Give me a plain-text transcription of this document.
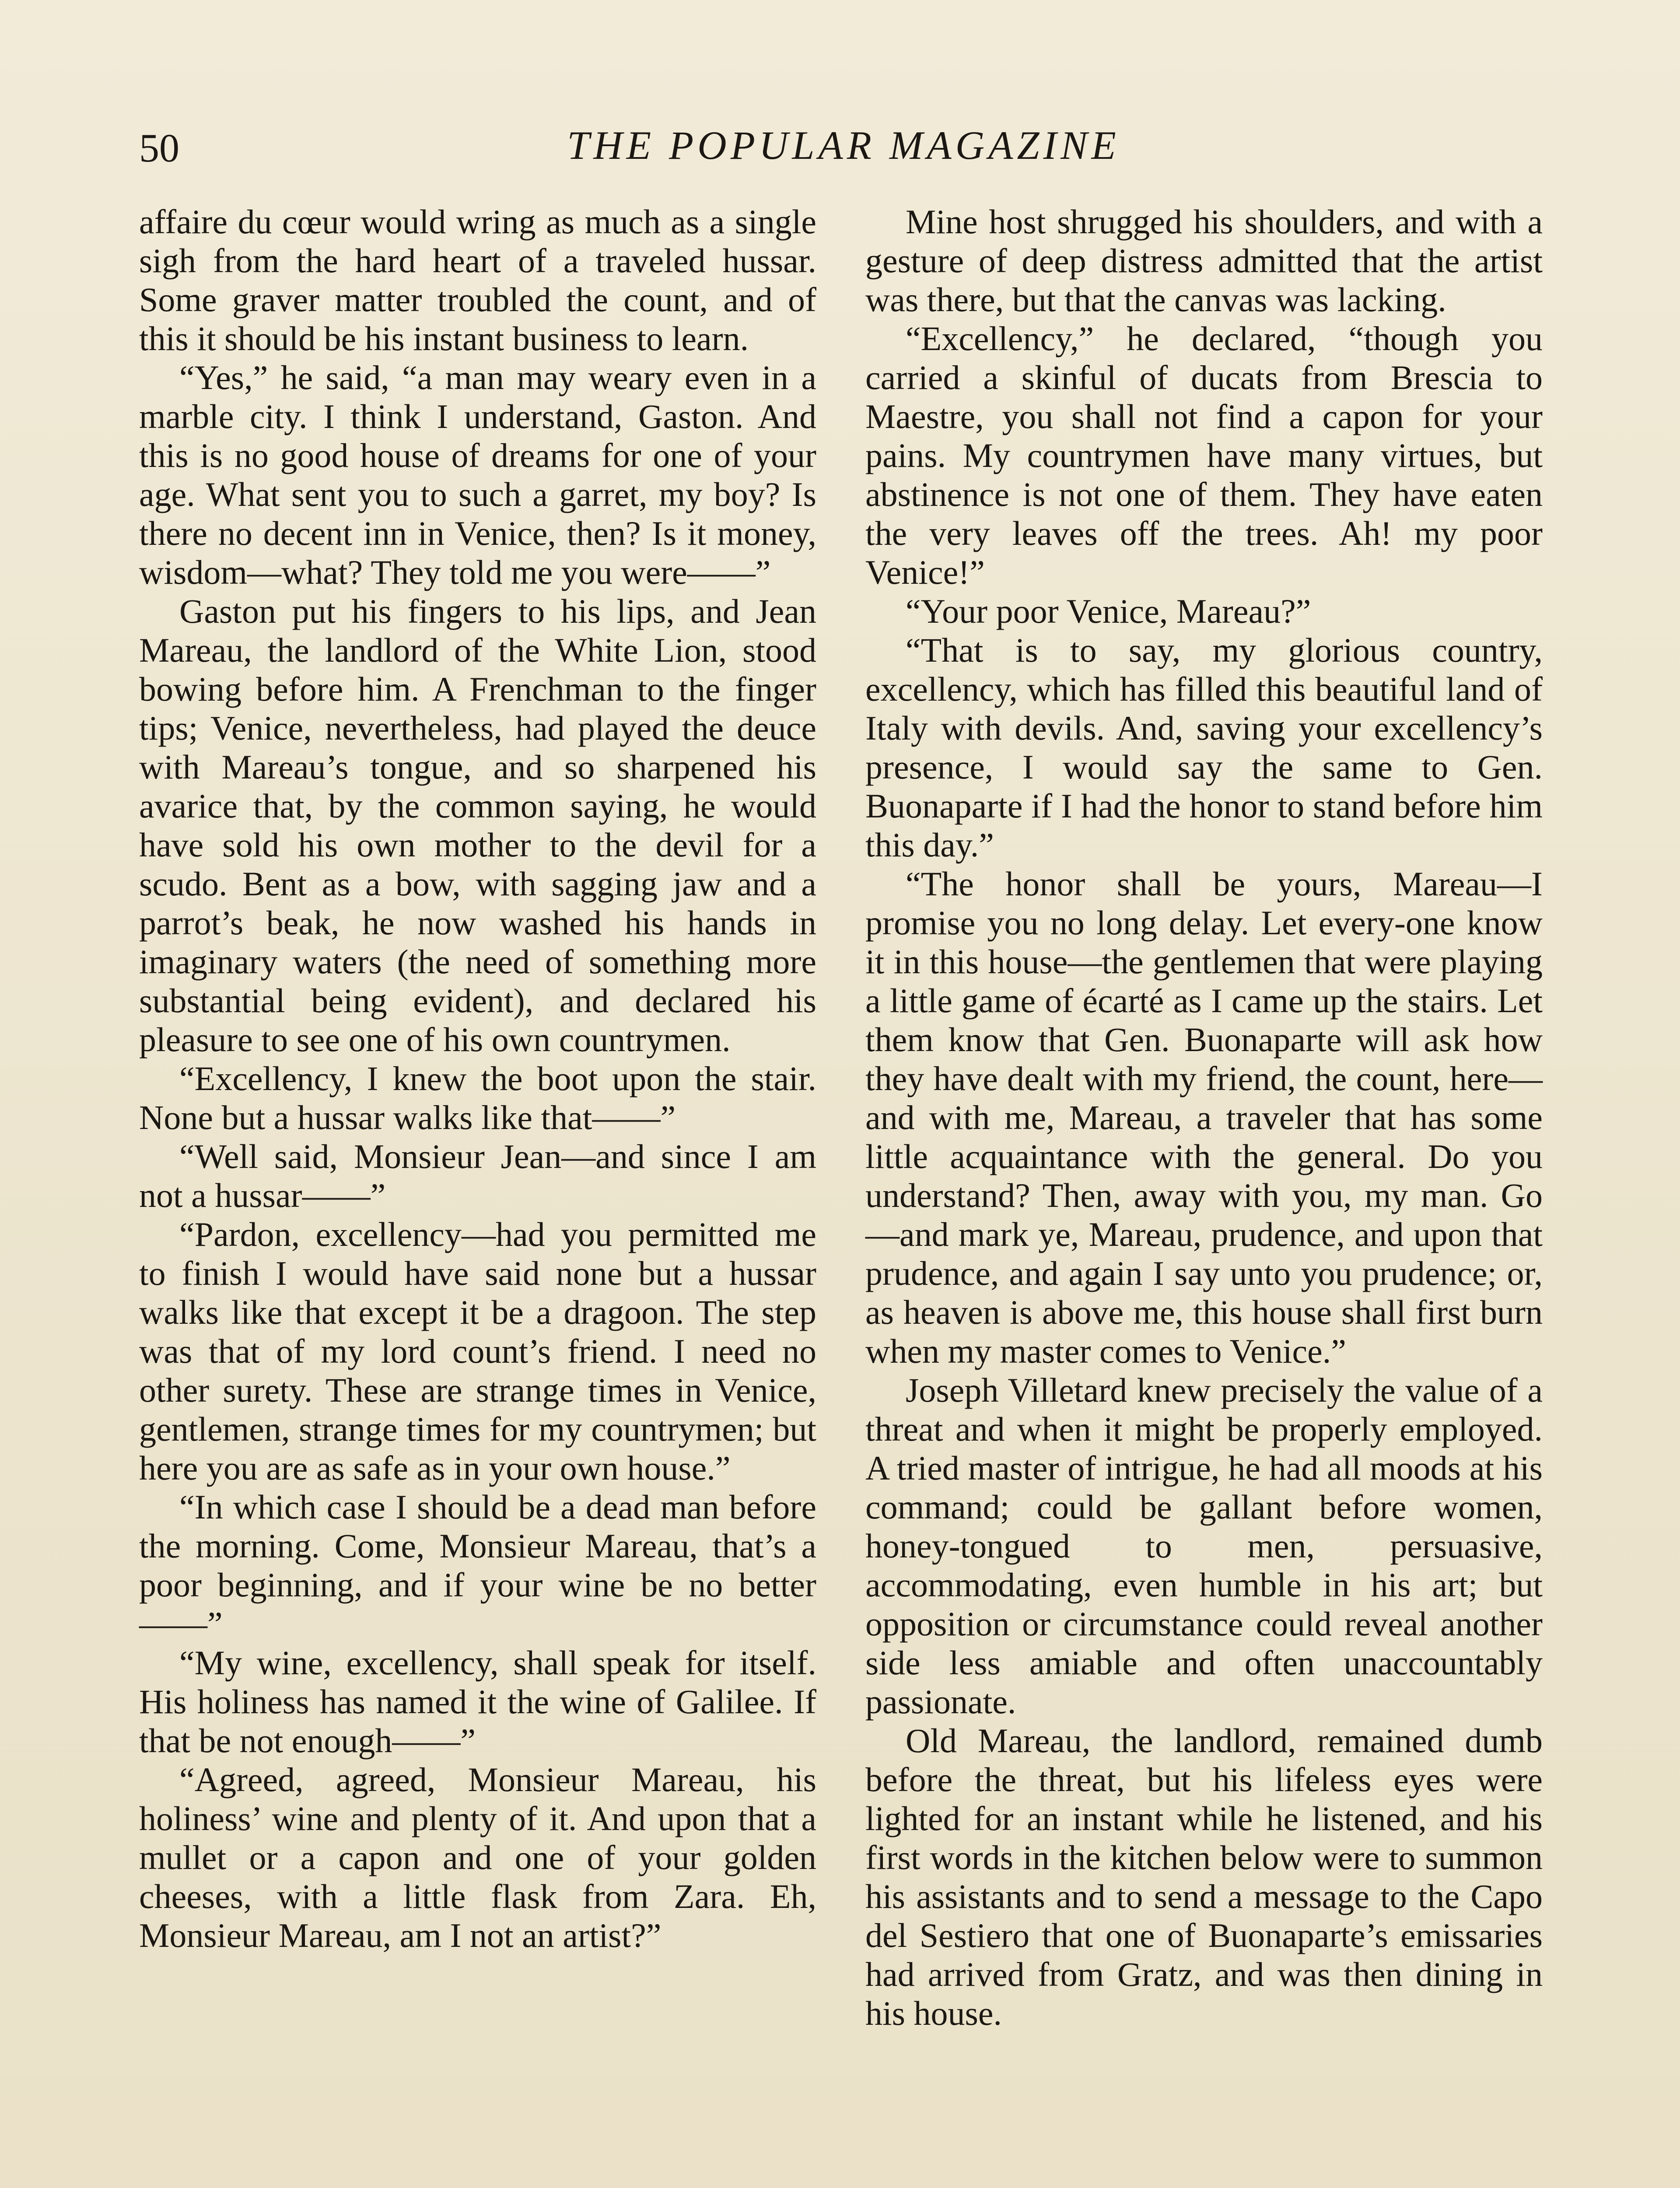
50	THE POPULAR MAGAZINE

affaire du cœur would wring as much as a single sigh from the hard heart of a traveled hussar. Some graver matter troubled the count, and of this it should be his instant business to learn.

“Yes,” he said, “a man may weary even in a marble city. I think I understand, Gaston. And this is no good house of dreams for one of your age. What sent you to such a garret, my boy? Is there no decent inn in Venice, then? Is it money, wisdom—what? They told me you were——”

Gaston put his fingers to his lips, and Jean Mareau, the landlord of the White Lion, stood bowing before him. A Frenchman to the finger tips; Venice, nevertheless, had played the deuce with Mareau’s tongue, and so sharpened his avarice that, by the common saying, he would have sold his own mother to the devil for a scudo. Bent as a bow, with sagging jaw and a parrot’s beak, he now washed his hands in imaginary waters (the need of something more substantial being evident), and declared his pleasure to see one of his own countrymen.

“Excellency, I knew the boot upon the stair. None but a hussar walks like that——”

“Well said, Monsieur Jean—and since I am not a hussar——”

“Pardon, excellency—had you permitted me to finish I would have said none but a hussar walks like that except it be a dragoon. The step was that of my lord count’s friend. I need no other surety. These are strange times in Venice, gentlemen, strange times for my countrymen; but here you are as safe as in your own house.”

“In which case I should be a dead man before the morning. Come, Monsieur Mareau, that’s a poor beginning, and if your wine be no better——”

“My wine, excellency, shall speak for itself. His holiness has named it the wine of Galilee. If that be not enough——”

“Agreed, agreed, Monsieur Mareau, his holiness’ wine and plenty of it. And upon that a mullet or a capon and one of your golden cheeses, with a little flask from Zara. Eh, Monsieur Mareau, am I not an artist?”

Mine host shrugged his shoulders, and with a gesture of deep distress admitted that the artist was there, but that the canvas was lacking.

“Excellency,” he declared, “though you carried a skinful of ducats from Brescia to Maestre, you shall not find a capon for your pains. My countrymen have many virtues, but abstinence is not one of them. They have eaten the very leaves off the trees. Ah! my poor Venice!”

“Your poor Venice, Mareau?”

“That is to say, my glorious country, excellency, which has filled this beautiful land of Italy with devils. And, saving your excellency’s presence, I would say the same to Gen. Buonaparte if I had the honor to stand before him this day.”

“The honor shall be yours, Mareau—I promise you no long delay. Let every-one know it in this house—the gentlemen that were playing a little game of écarté as I came up the stairs. Let them know that Gen. Buonaparte will ask how they have dealt with my friend, the count, here—and with me, Mareau, a traveler that has some little acquaintance with the general. Do you understand? Then, away with you, my man. Go—and mark ye, Mareau, prudence, and upon that prudence, and again I say unto you prudence; or, as heaven is above me, this house shall first burn when my master comes to Venice.”

Joseph Villetard knew precisely the value of a threat and when it might be properly employed. A tried master of intrigue, he had all moods at his command; could be gallant before women, honey-tongued to men, persuasive, accommodating, even humble in his art; but opposition or circumstance could reveal another side less amiable and often unaccountably passionate.

Old Mareau, the landlord, remained dumb before the threat, but his lifeless eyes were lighted for an instant while he listened, and his first words in the kitchen below were to summon his assistants and to send a message to the Capo del Sestiero that one of Buonaparte’s emissaries had arrived from Gratz, and was then dining in his house.
